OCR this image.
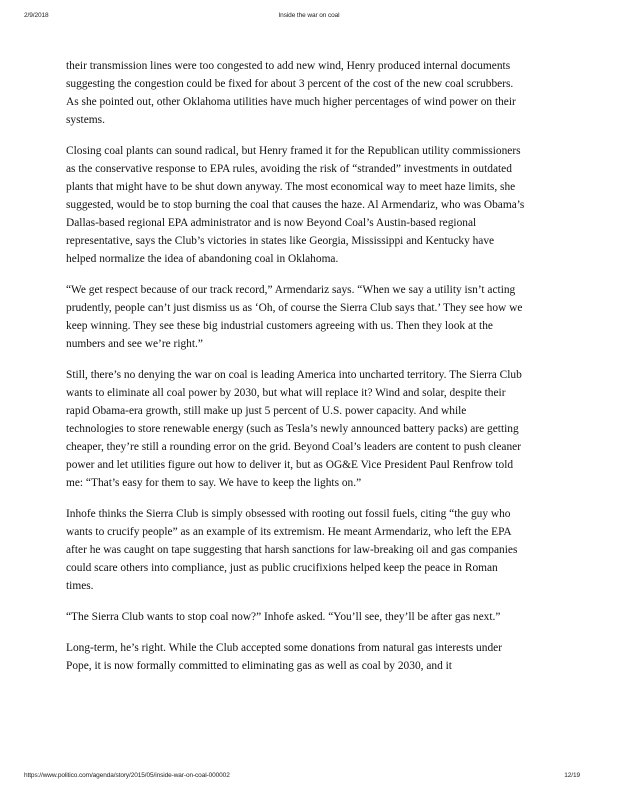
2/9/2018	Inside the war on coal

their transmission lines were too congested to add new wind, Henry produced internal documents suggesting the congestion could be fixed for about 3 percent of the cost of the new coal scrubbers. As she pointed out, other Oklahoma utilities have much higher percentages of wind power on their systems.

Closing coal plants can sound radical, but Henry framed it for the Republican utility commissioners as the conservative response to EPA rules, avoiding the risk of “stranded” investments in outdated plants that might have to be shut down anyway. The most economical way to meet haze limits, she suggested, would be to stop burning the coal that causes the haze. Al Armendariz, who was Obama’s Dallas-based regional EPA administrator and is now Beyond Coal’s Austin-based regional representative, says the Club’s victories in states like Georgia, Mississippi and Kentucky have helped normalize the idea of abandoning coal in Oklahoma.

“We get respect because of our track record,” Armendariz says. “When we say a utility isn’t acting prudently, people can’t just dismiss us as ‘Oh, of course the Sierra Club says that.’ They see how we keep winning. They see these big industrial customers agreeing with us. Then they look at the numbers and see we’re right.”

Still, there’s no denying the war on coal is leading America into uncharted territory. The Sierra Club wants to eliminate all coal power by 2030, but what will replace it? Wind and solar, despite their rapid Obama-era growth, still make up just 5 percent of U.S. power capacity. And while technologies to store renewable energy (such as Tesla’s newly announced battery packs) are getting cheaper, they’re still a rounding error on the grid. Beyond Coal’s leaders are content to push cleaner power and let utilities figure out how to deliver it, but as OG&E Vice President Paul Renfrow told me: “That’s easy for them to say. We have to keep the lights on.”

Inhofe thinks the Sierra Club is simply obsessed with rooting out fossil fuels, citing “the guy who wants to crucify people” as an example of its extremism. He meant Armendariz, who left the EPA after he was caught on tape suggesting that harsh sanctions for law-breaking oil and gas companies could scare others into compliance, just as public crucifixions helped keep the peace in Roman times.

“The Sierra Club wants to stop coal now?” Inhofe asked. “You’ll see, they’ll be after gas next.”

Long-term, he’s right. While the Club accepted some donations from natural gas interests under Pope, it is now formally committed to eliminating gas as well as coal by 2030, and it

https://www.politico.com/agenda/story/2015/05/inside-war-on-coal-000002	12/19
